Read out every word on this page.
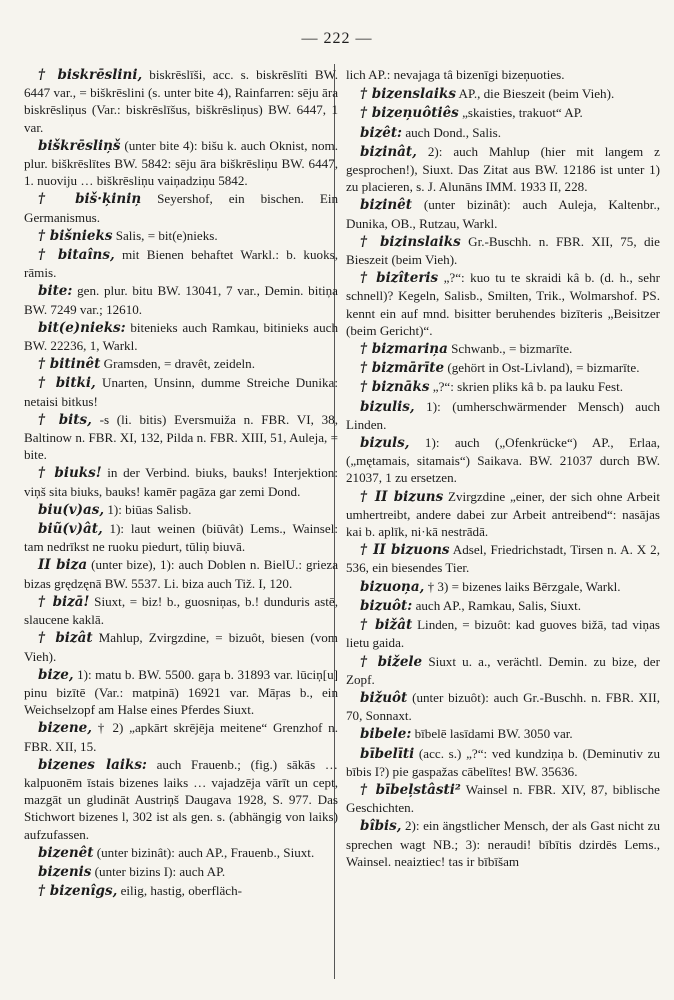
— 222 —

† biskrēslini, biskrēslīši, acc. s. biskrēslīti BW. 6447 var., = biškrēslini (s. unter bite 4), Rainfarren: sēju āra biskrēsliņus (Var.: biskrēslīšus, biškrēsliņus) BW. 6447, 1 var.

biškrēsliņš (unter bite 4): bišu k. auch Oknist, nom. plur. biškrēslītes BW. 5842: sēju āra biškrēsliņu BW. 6447, 1. nuoviju … biškrēsliņu vaiņadziņu 5842.

† biš·ķiniņ Seyershof, ein bischen. Ein Germanismus.

† bišnieks Salis, = bit(e)nieks.

† bitaîns, mit Bienen behaftet Warkl.: b. kuoks, rāmis.

bite: gen. plur. bitu BW. 13041, 7 var., Demin. bitiņa BW. 7249 var.; 12610.

bit(e)nieks: bitenieks auch Ramkau, bitinieks auch BW. 22236, 1, Warkl.

† bitinêt Gramsden, = dravêt, zeideln.

† bitki, Unarten, Unsinn, dumme Streiche Dunika: netaisi bitkus!

† bits, -s (li. bitis) Eversmuiža n. FBR. VI, 38, Baltinow n. FBR. XI, 132, Pilda n. FBR. XIII, 51, Auleja, = bite.

† biuks! in der Verbind. biuks, bauks! Interjektion: viņš sita biuks, bauks! kamēr pagāza gar zemi Dond.

biu(v)as, 1): biūas Salisb.

biũ(v)ât, 1): laut weinen (biūvât) Lems., Wainsel: tam nedrīkst ne ruoku piedurt, tūliņ biuvā.

II biza (unter bize), 1): auch Doblen n. BielU.: grieza bizas grędzęnā BW. 5537. Li. biza auch Tiž. I, 120.

† bizā! Siuxt, = biz! b., guosniņas, b.! dunduris astē, slaucene kaklā.

† bizât Mahlup, Zvirgzdine, = bizuôt, biesen (vom Vieh).

bize, 1): matu b. BW. 5500. gaŗa b. 31893 var. lūciņ[u] pinu bizītē (Var.: matpinā) 16921 var. Māŗas b., ein Weichselzopf am Halse eines Pferdes Siuxt.

bizene, † 2) „apkārt skrējēja meitene“ Grenzhof n. FBR. XII, 15.

bizenes laiks: auch Frauenb.; (fig.) sākās … kalpuonēm īstais bizenes laiks … vajadzēja vārīt un cept, mazgāt un gludināt Austriņš Daugava 1928, S. 977. Das Stichwort bizenes l, 302 ist als gen. s. (abhängig von laiks) aufzufassen.

bizenêt (unter bizinât): auch AP., Frauenb., Siuxt.

bizenis (unter bizins I): auch AP.

† bizenîgs, eilig, hastig, oberfläch-

lich AP.: nevajaga tâ bizenīgi bizeņuoties.

† bizenslaiks AP., die Bieszeit (beim Vieh).

† bizeņuôtiês „skaisties, trakuot“ AP.

bizêt: auch Dond., Salis.

bizinât, 2): auch Mahlup (hier mit langem z gesprochen!), Siuxt. Das Zitat aus BW. 12186 ist unter 1) zu placieren, s. J. Alunāns IMM. 1933 II, 228.

bizinêt (unter bizinât): auch Auleja, Kaltenbr., Dunika, OB., Rutzau, Warkl.

† bizinslaiks Gr.-Buschh. n. FBR. XII, 75, die Bieszeit (beim Vieh).

† bizîteris „?“: kuo tu te skraidi kâ b. (d. h., sehr schnell)? Kegeln, Salisb., Smilten, Trik., Wolmarshof. PS. kennt ein auf mnd. bisitter beruhendes bizīteris „Beisitzer (beim Gericht)“.

† bizmariņa Schwanb., = bizmarīte.

† bizmārīte (gehört in Ost-Livland), = bizmarīte.

† biznāks „?“: skrien pliks kâ b. pa lauku Fest.

bizulis, 1): (umherschwärmender Mensch) auch Linden.

bizuls, 1): auch („Ofenkrücke“) AP., Erlaa, („mętamais, sitamais“) Saikava. BW. 21037 durch BW. 21037, 1 zu ersetzen.

† II bizuns Zvirgzdine „einer, der sich ohne Arbeit umhertreibt, andere dabei zur Arbeit antreibend“: nasājas kai b. aplīk, ni·kā nestrādā.

† II bizuons Adsel, Friedrichstadt, Tirsen n. A. X 2, 536, ein biesendes Tier.

bizuoņa, † 3) = bizenes laiks Bērzgale, Warkl.

bizuôt: auch AP., Ramkau, Salis, Siuxt.

† bižât Linden, = bizuôt: kad guoves bižā, tad viņas lietu gaida.

† bižele Siuxt u. a., verächtl. Demin. zu bize, der Zopf.

bižuôt (unter bizuôt): auch Gr.-Buschh. n. FBR. XII, 70, Sonnaxt.

bibele: bībelē lasīdami BW. 3050 var.

bībelīti (acc. s.) „?“: ved kundziņa b. (Deminutiv zu bībis I?) pie gaspažas cābelītes! BW. 35636.

† bībeļstâsti² Wainsel n. FBR. XIV, 87, biblische Geschichten.

bîbis, 2): ein ängstlicher Mensch, der als Gast nicht zu sprechen wagt NB.; 3): neraudi! bībītis dzirdēs Lems., Wainsel. neaiztiec! tas ir bībīšam
